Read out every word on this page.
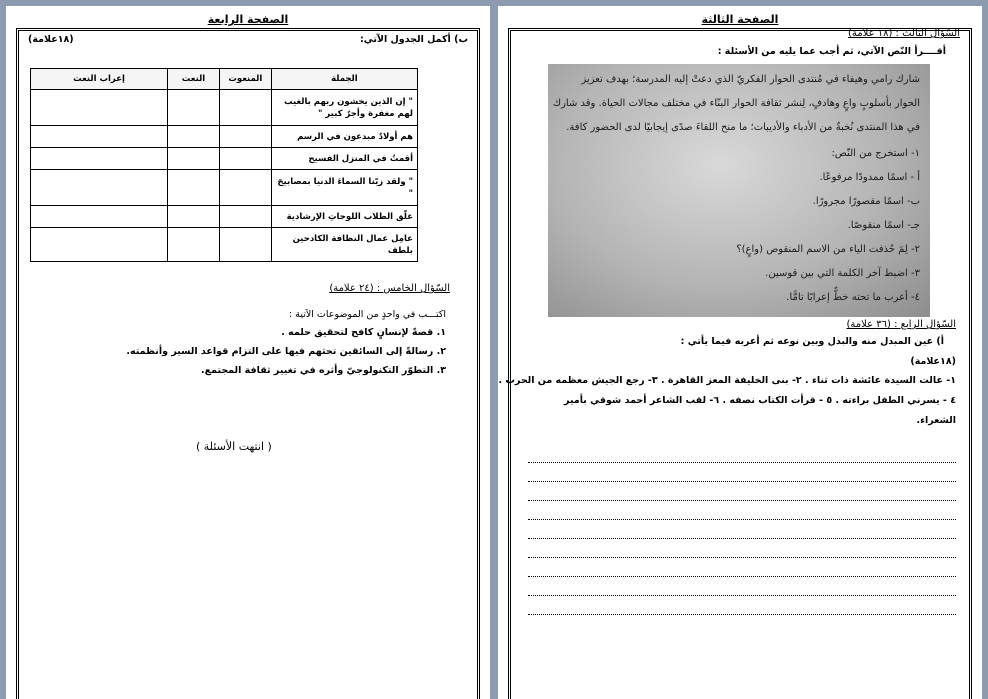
الصفحة الرابعة
ب) أكمل الجدول الآتي:
(١٨علامة)
الجملة	المنعوت	النعت	إعراب النعت
" إن الذين يخشون ربهم بالغيب لهم مغفرة وأجرٌ كبير "			
هم أولادٌ مبدعون في الرسم			
أقمتُ في المنزل الفسيح			
" ولقد زيّنا السماءَ الدنيا بمصابيحَ "			
علّق الطلاب اللوحاتِ الإرشادية			
عامِل عمال النظافة الكادحين بلطف			
السّؤال الخامس : (٢٤ علامة)
اكتـــب في واحدٍ من الموضوعات الآتية :
١. قصةً لإنسانٍ كافح لتحقيق حلمه .
٢. رسالةً إلى السائقين تحثهم فيها على التزام قواعد السير وأنظمته.
٣. التطوّر التكنولوجيّ وأثره في تغيير ثقافة المجتمع.
( انتهت الأسئلة )
الصفحة الثالثة
السّؤال الثالث : (١٨ علامة)
أقــــرأ النّص الآتي، ثم أجب عما يليه من الأسئلة :
شارك رامي وهيفاء في مُنتدى الحوار الفكريّ الذي دعتْ إليه المدرسة؛ بهدف تعزيز
الحوار بأسلوبٍ واعٍ وهادفٍ، لِنشر ثقافة الحوار البنّاء في مختلف مجالات الحياة. وقد شارك
في هذا المنتدى نُخبةٌ من الأدباء والأديبات؛ ما منح اللقاءَ صدًى إيجابيًا لدى الحضور كافة.
١- استخرج من النّص:
أ - اسمًا ممدودًا مرفوعًا.
ب- اسمًا مقصورًا مجرورًا.
جـ- اسمًا منقوصًا.
٢- لِمَ حُذفت الياء من الاسم المنقوص (واعٍ)؟
٣- اضبط آخر الكلمة التي بين قوسين.
٤- أعرب ما تحته خطٌّ إعرابًا تامًّا.
السّؤال الرابع : (٣٦ علامة)
أ) عين المبدل منه والبدل وبين نوعه ثم أعربه فيما يأتي :
(١٨علامة)
١- عالت السيدة عائشة ذات ثناء . ٢- بنى الخليفة المعز القاهرة . ٣- رجع الجيش معظمه من الحرب .
٤ - يسرني الطفل براءته . ٥ - قرأت الكتاب نصفه . ٦- لقب الشاعر أحمد شوقي بأمير
الشعراء.
